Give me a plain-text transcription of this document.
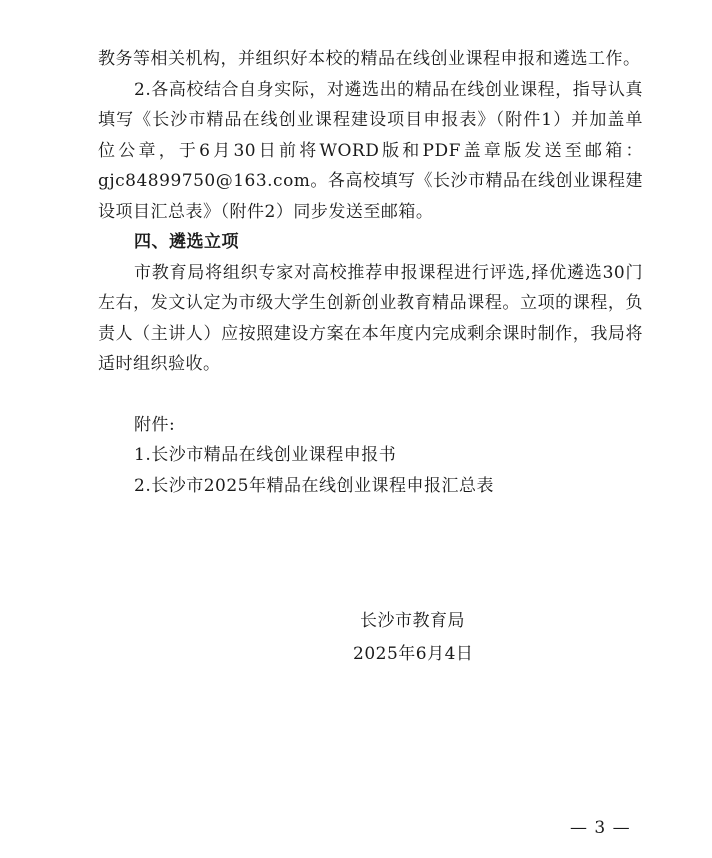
教务等相关机构，并组织好本校的精品在线创业课程申报和遴选工作。

2.各高校结合自身实际，对遴选出的精品在线创业课程，指导认真填写《长沙市精品在线创业课程建设项目申报表》（附件1）并加盖单位公章，于6月30日前将WORD版和PDF盖章版发送至邮箱：gjc84899750@163.com。各高校填写《长沙市精品在线创业课程建设项目汇总表》（附件2）同步发送至邮箱。

四、遴选立项

市教育局将组织专家对高校推荐申报课程进行评选,择优遴选30门左右，发文认定为市级大学生创新创业教育精品课程。立项的课程，负责人（主讲人）应按照建设方案在本年度内完成剩余课时制作，我局将适时组织验收。

附件:

1.长沙市精品在线创业课程申报书

2.长沙市2025年精品在线创业课程申报汇总表

长沙市教育局
2025年6月4日
— 3 —
